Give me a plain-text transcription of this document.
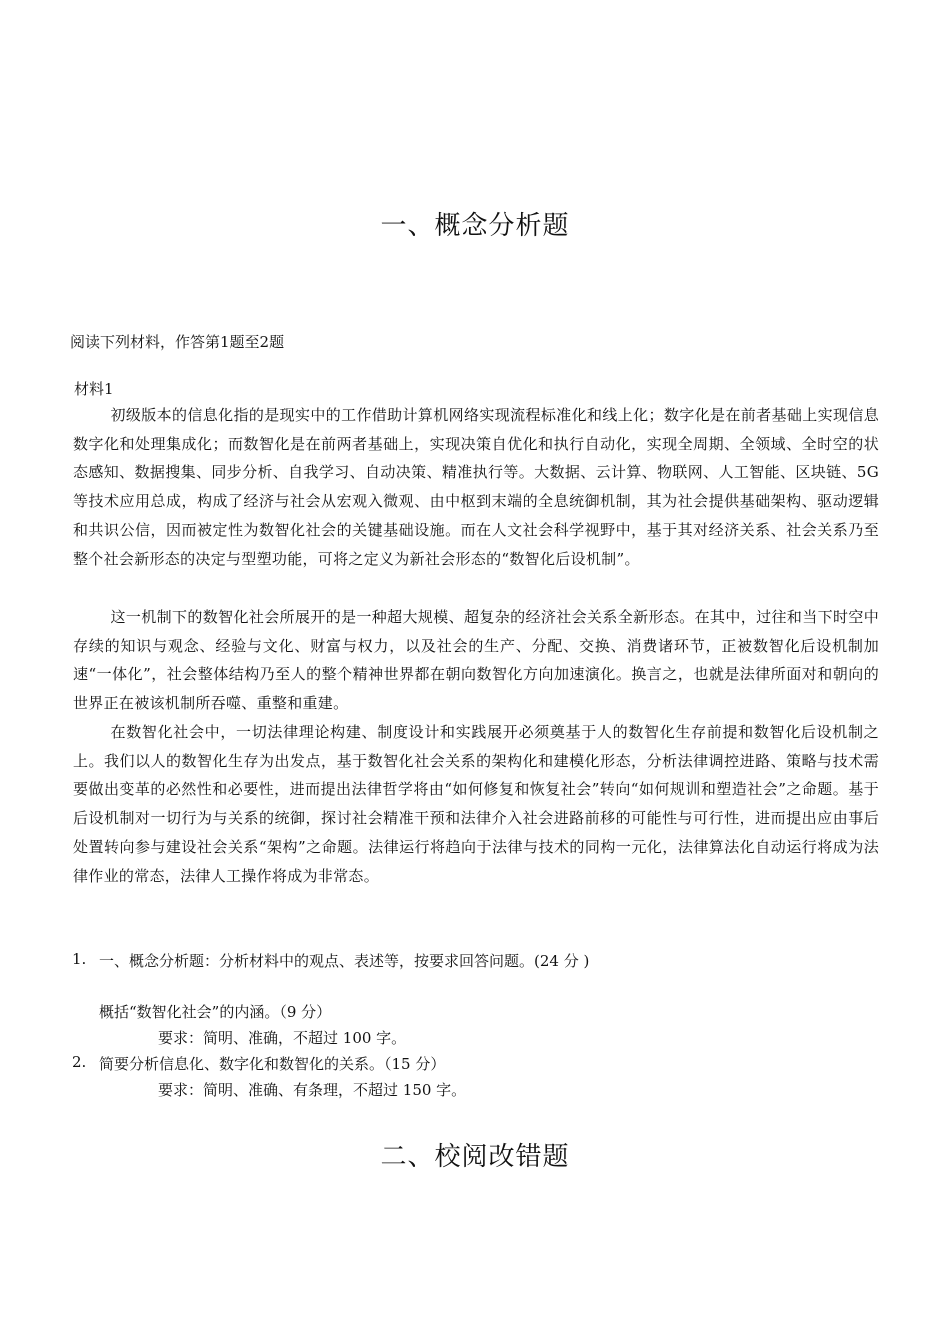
一、概念分析题
阅读下列材料，作答第1题至2题
材料1
初级版本的信息化指的是现实中的工作借助计算机网络实现流程标准化和线上化；数字化是在前者基础上实现信息数字化和处理集成化；而数智化是在前两者基础上，实现决策自优化和执行自动化，实现全周期、全领域、全时空的状态感知、数据搜集、同步分析、自我学习、自动决策、精准执行等。大数据、云计算、物联网、人工智能、区块链、5G 等技术应用总成，构成了经济与社会从宏观入微观、由中枢到末端的全息统御机制，其为社会提供基础架构、驱动逻辑和共识公信，因而被定性为数智化社会的关键基础设施。而在人文社会科学视野中，基于其对经济关系、社会关系乃至整个社会新形态的决定与型塑功能，可将之定义为新社会形态的“数智化后设机制”。
这一机制下的数智化社会所展开的是一种超大规模、超复杂的经济社会关系全新形态。在其中，过往和当下时空中存续的知识与观念、经验与文化、财富与权力，以及社会的生产、分配、交换、消费诸环节，正被数智化后设机制加速“一体化”，社会整体结构乃至人的整个精神世界都在朝向数智化方向加速演化。换言之，也就是法律所面对和朝向的世界正在被该机制所吞噬、重整和重建。
在数智化社会中，一切法律理论构建、制度设计和实践展开必须奠基于人的数智化生存前提和数智化后设机制之上。我们以人的数智化生存为出发点，基于数智化社会关系的架构化和建模化形态，分析法律调控进路、策略与技术需要做出变革的必然性和必要性，进而提出法律哲学将由“如何修复和恢复社会”转向“如何规训和塑造社会”之命题。基于后设机制对一切行为与关系的统御，探讨社会精准干预和法律介入社会进路前移的可能性与可行性，进而提出应由事后处置转向参与建设社会关系“架构”之命题。法律运行将趋向于法律与技术的同构一元化，法律算法化自动运行将成为法律作业的常态，法律人工操作将成为非常态。
1. 一、概念分析题：分析材料中的观点、表述等，按要求回答问题。(24 分 )
概括“数智化社会”的内涵。（9 分）
要求：简明、准确，不超过 100 字。
2. 简要分析信息化、数字化和数智化的关系。（15 分）
要求：简明、准确、有条理，不超过 150 字。
二、校阅改错题
